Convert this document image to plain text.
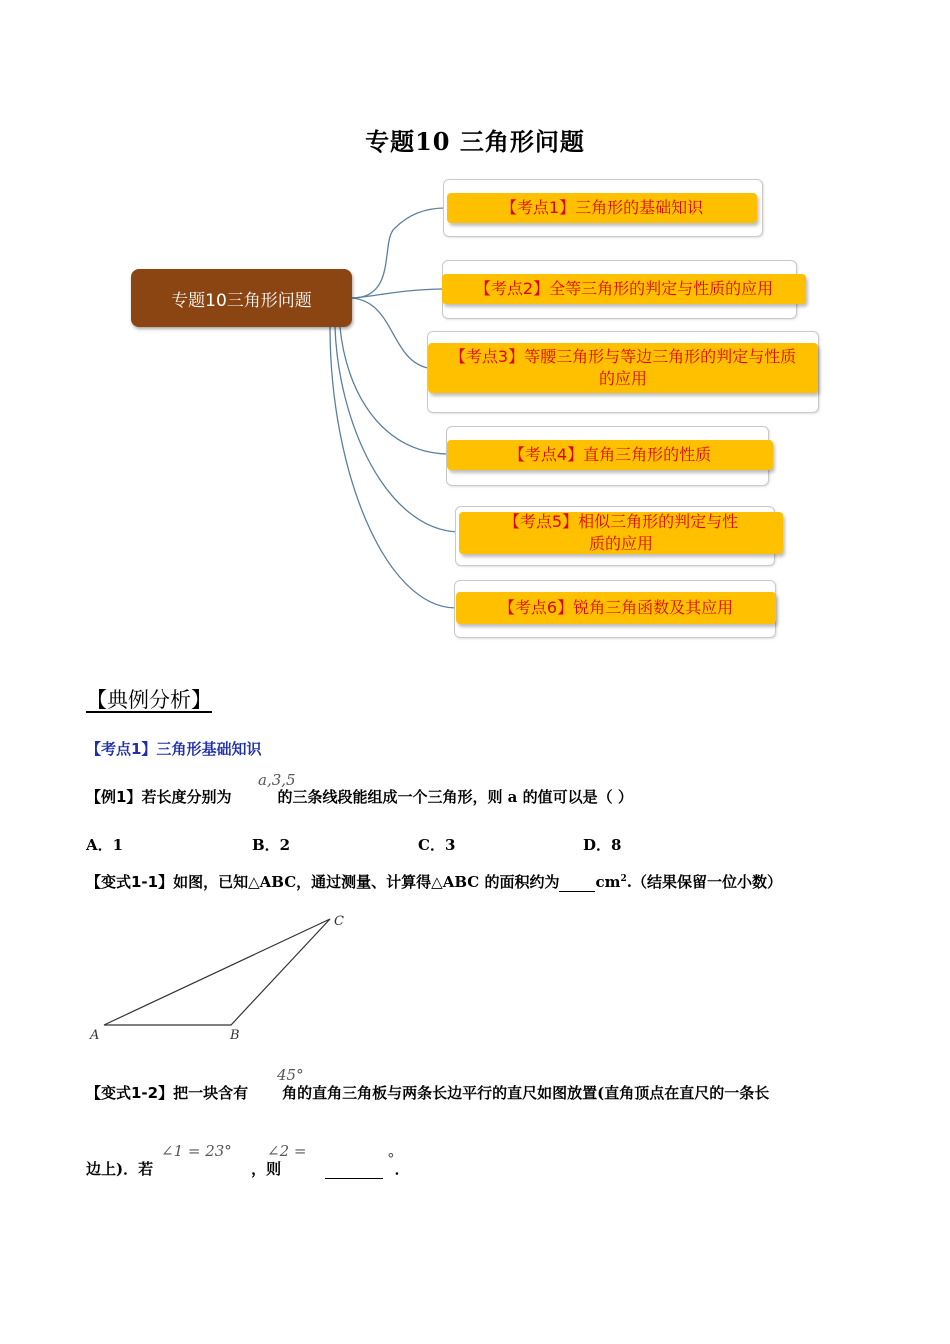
专题10 三角形问题
专题10三角形问题
【考点1】三角形的基础知识
【考点2】全等三角形的判定与性质的应用
【考点3】等腰三角形与等边三角形的判定与性质的应用
【考点4】直角三角形的性质
【考点5】相似三角形的判定与性质的应用
【考点6】锐角三角函数及其应用
【典例分析】
【考点1】三角形基础知识
【例1】若长度分别为	的三条线段能组成一个三角形，则 a 的值可以是（ ）
a,3,5
A．1	B．2	C．3	D．8
【变式1-1】如图，已知△ABC，通过测量、计算得△ABC 的面积约为 $cm^2$.（结果保留一位小数）
A	B
C
【变式1-2】把一块含有 角的直角三角板与两条长边平行的直尺如图放置(直角顶点在直尺的一条长
45°
边上)．若	，则 °．
∠1 = 23° ∠2 =
